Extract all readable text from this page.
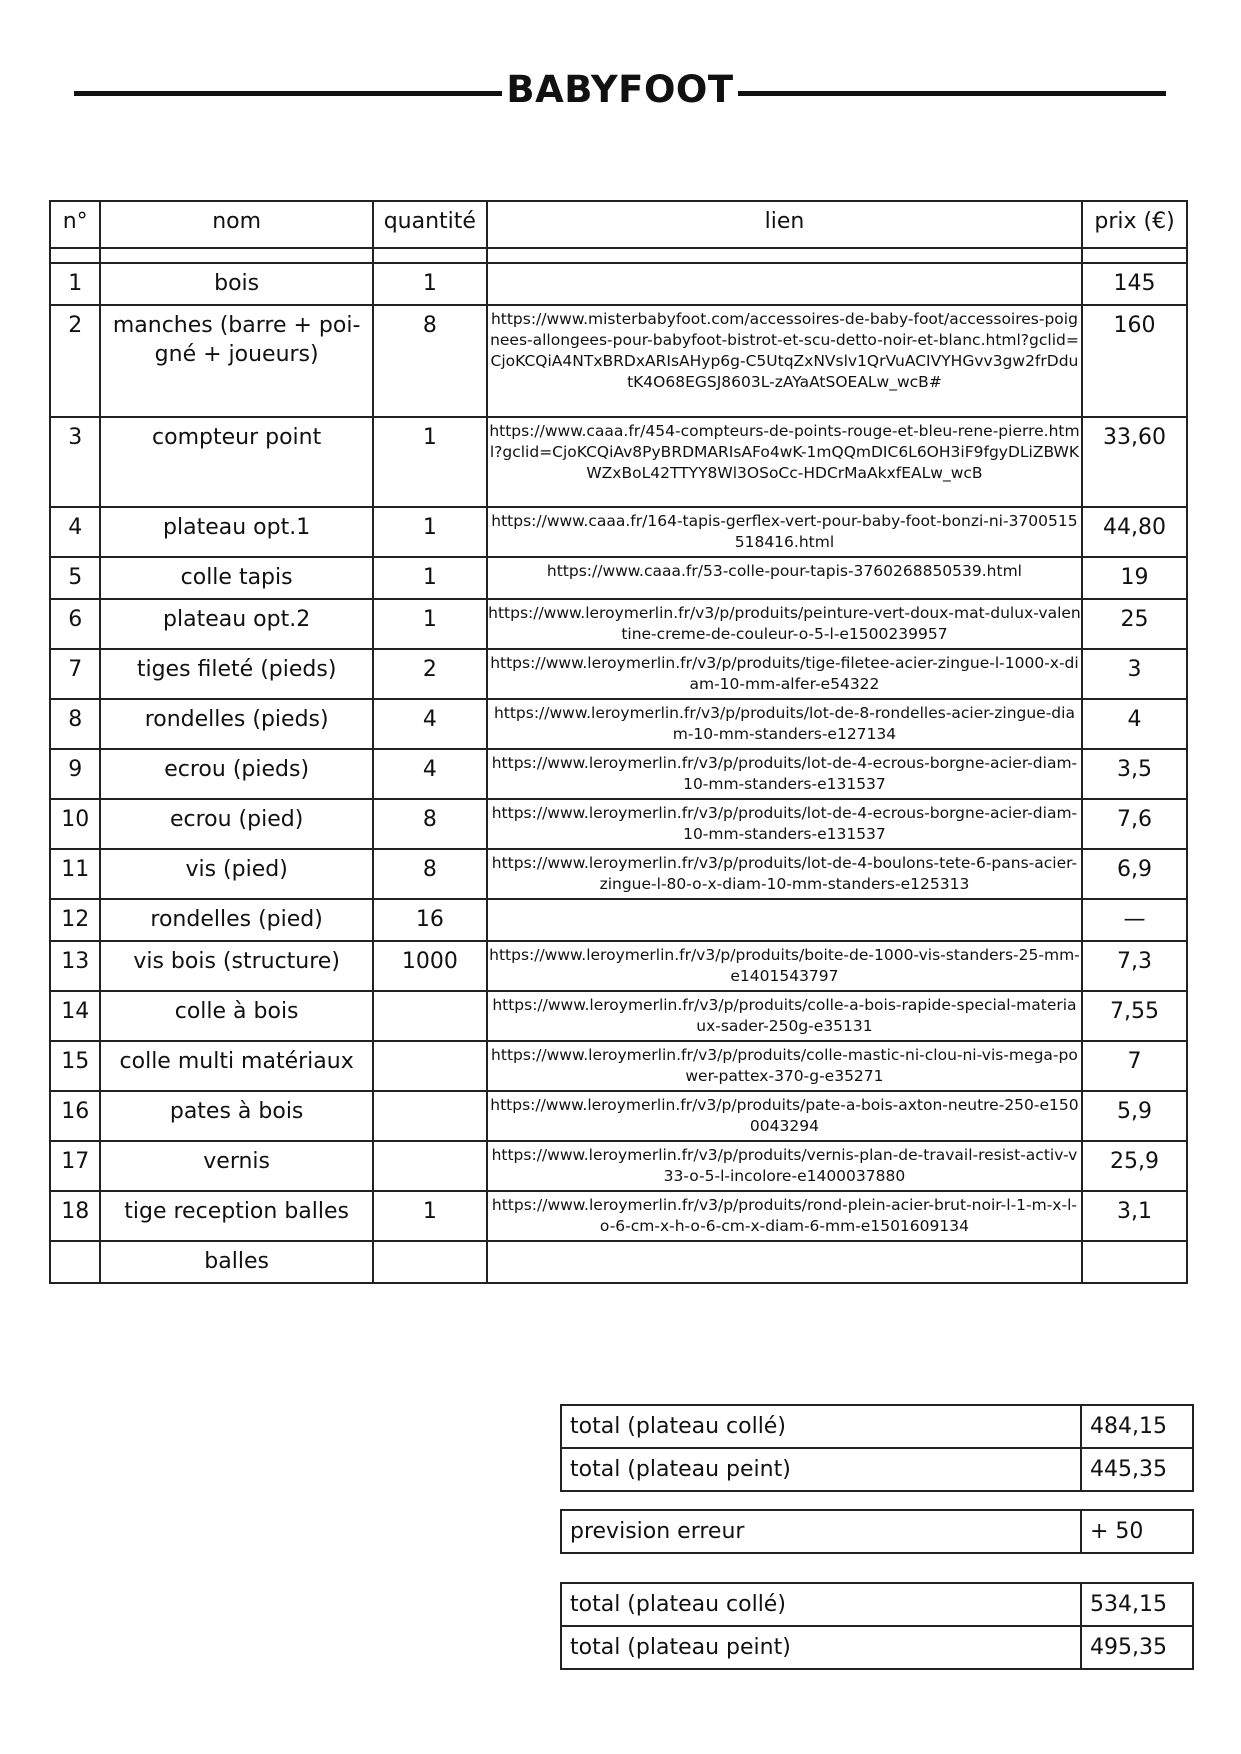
BABYFOOT
n°	nom	quantité	lien	prix (€)

1	bois	1		145
2	manches (barre + poi- gné + joueurs)	8	https://www.misterbabyfoot.com/accessoires-de-baby-foot/accessoires-poignees-allongees-pour-babyfoot-bistrot-et-scu-detto-noir-et-blanc.html?gclid=CjoKCQiA4NTxBRDxARIsAHyp6g-C5UtqZxNVslv1QrVuACIVYHGvv3gw2frDdutK4O68EGSJ8603L-zAYaAtSOEALw_wcB#	160
3	compteur point	1	https://www.caaa.fr/454-compteurs-de-points-rouge-et-bleu-rene-pierre.html?gclid=CjoKCQiAv8PyBRDMARIsAFo4wK-1mQQmDIC6L6OH3iF9fgyDLiZBWKWZxBoL42TTYY8Wl3OSoCc-HDCrMaAkxfEALw_wcB	33,60
4	plateau opt.1	1	https://www.caaa.fr/164-tapis-gerflex-vert-pour-baby-foot-bonzi-ni-3700515518416.html	44,80
5	colle tapis	1	https://www.caaa.fr/53-colle-pour-tapis-3760268850539.html	19
6	plateau opt.2	1	https://www.leroymerlin.fr/v3/p/produits/peinture-vert-doux-mat-dulux-valentine-creme-de-couleur-o-5-l-e1500239957	25
7	tiges fileté (pieds)	2	https://www.leroymerlin.fr/v3/p/produits/tige-filetee-acier-zingue-l-1000-x-diam-10-mm-alfer-e54322	3
8	rondelles (pieds)	4	https://www.leroymerlin.fr/v3/p/produits/lot-de-8-rondelles-acier-zingue-diam-10-mm-standers-e127134	4
9	ecrou (pieds)	4	https://www.leroymerlin.fr/v3/p/produits/lot-de-4-ecrous-borgne-acier-diam-10-mm-standers-e131537	3,5
10	ecrou (pied)	8	https://www.leroymerlin.fr/v3/p/produits/lot-de-4-ecrous-borgne-acier-diam-10-mm-standers-e131537	7,6
11	vis (pied)	8	https://www.leroymerlin.fr/v3/p/produits/lot-de-4-boulons-tete-6-pans-acier-zingue-l-80-o-x-diam-10-mm-standers-e125313	6,9
12	rondelles (pied)	16		—
13	vis bois (structure)	1000	https://www.leroymerlin.fr/v3/p/produits/boite-de-1000-vis-standers-25-mm-e1401543797	7,3
14	colle à bois		https://www.leroymerlin.fr/v3/p/produits/colle-a-bois-rapide-special-materiaux-sader-250g-e35131	7,55
15	colle multi matériaux		https://www.leroymerlin.fr/v3/p/produits/colle-mastic-ni-clou-ni-vis-mega-power-pattex-370-g-e35271	7
16	pates à bois		https://www.leroymerlin.fr/v3/p/produits/pate-a-bois-axton-neutre-250-e1500043294	5,9
17	vernis		https://www.leroymerlin.fr/v3/p/produits/vernis-plan-de-travail-resist-activ-v33-o-5-l-incolore-e1400037880	25,9
18	tige reception balles	1	https://www.leroymerlin.fr/v3/p/produits/rond-plein-acier-brut-noir-l-1-m-x-l-o-6-cm-x-h-o-6-cm-x-diam-6-mm-e1501609134	3,1
	balles			
total (plateau collé)	484,15
total (plateau peint)	445,35
prevision erreur	+ 50
total (plateau collé)	534,15
total (plateau peint)	495,35
